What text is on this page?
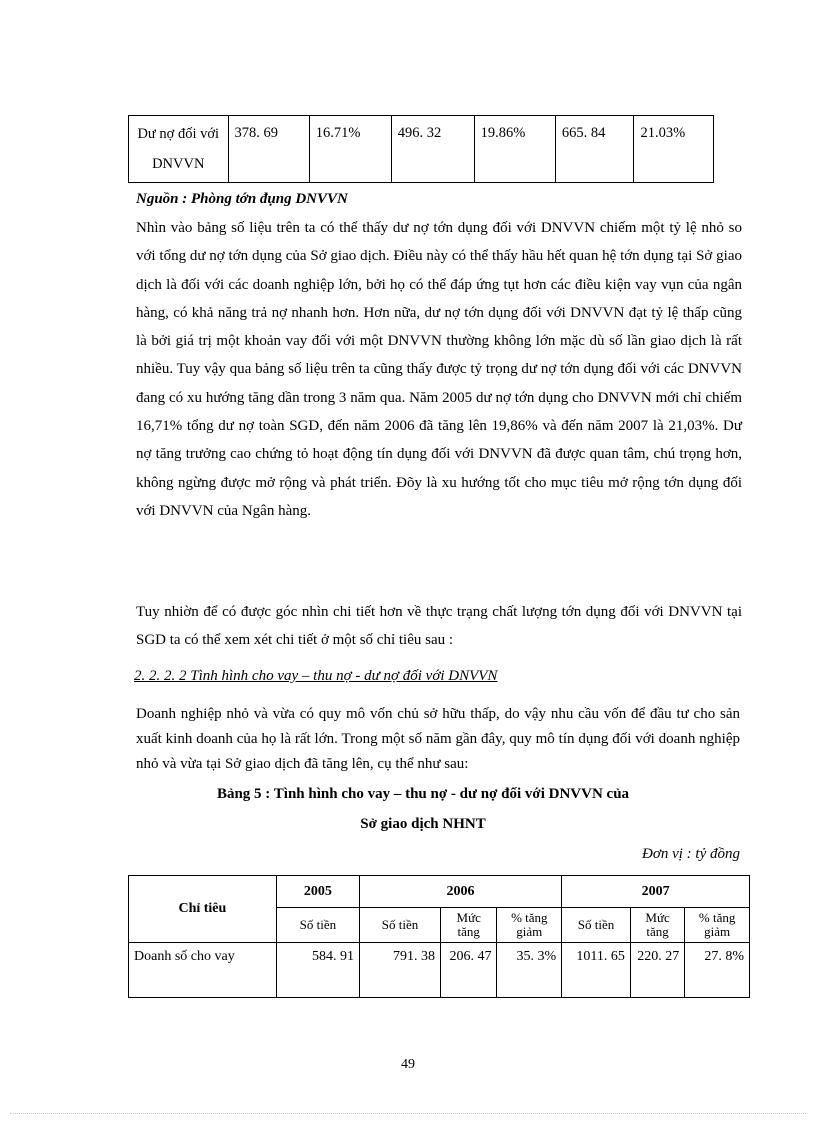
Dư nợ đối với DNVVN	378. 69	16.71%	496. 32	19.86%	665. 84	21.03%
Nguồn : Phòng tớn đụng DNVVN
Nhìn vào bảng số liệu trên ta có thể thấy dư nợ tớn dụng đối với DNVVN chiếm một tỷ lệ nhỏ so với tổng dư nợ tớn dụng của Sở giao dịch. Điều này có thể thấy hầu hết quan hệ tớn dụng tại Sở giao dịch là đối với các doanh nghiệp lớn, bởi họ có thể đáp ứng tụt hơn các điều kiện vay vụn của ngân hàng, có khả năng trả nợ nhanh hơn. Hơn nữa, dư nợ tớn dụng đối với DNVVN đạt tỷ lệ thấp cũng là bởi giá trị một khoản vay đối với một DNVVN thường không lớn mặc dù số lần giao dịch là rất nhiều. Tuy vậy qua bảng số liệu trên ta cũng thấy được tỷ trọng dư nợ tớn dụng đối với các DNVVN đang có xu hướng tăng dần trong 3 năm qua. Năm 2005 dư nợ tớn dụng cho DNVVN mới chỉ chiếm 16,71% tổng dư nợ toàn SGD, đến năm 2006 đã tăng lên 19,86% và đến năm 2007 là 21,03%. Dư nợ tăng trưởng cao chứng tỏ hoạt động tín dụng đối với DNVVN đã được quan tâm, chú trọng hơn, không ngừng được mở rộng và phát triển. Đõy là xu hướng tốt cho mục tiêu mở rộng tớn dụng đối với DNVVN của Ngân hàng.
Tuy nhiờn để có được góc nhìn chi tiết hơn về thực trạng chất lượng tớn dụng đối với DNVVN tại SGD ta có thể xem xét chi tiết ở một số chỉ tiêu sau :
2. 2. 2. 2 Tình hình cho vay – thu nợ - dư nợ đối với DNVVN
Doanh nghiệp nhỏ và vừa có quy mô vốn chủ sở hữu thấp, do vậy nhu cầu vốn để đầu tư cho sản xuất kinh doanh của họ là rất lớn. Trong một số năm gần đây, quy mô tín dụng đối với doanh nghiệp nhỏ và vừa tại Sở giao dịch đã tăng lên, cụ thể như sau:
Bảng 5 : Tình hình cho vay – thu nợ - dư nợ đối với DNVVN của
Sở giao dịch NHNT
Đơn vị : tỷ đồng
Chỉ tiêu	2005	2006			2007		
	Số tiền	Số tiền	Mức tăng	% tăng giảm	Số tiền	Mức tăng	% tăng giảm
Doanh số cho vay	584. 91	791. 38	206. 47	35. 3%	1011. 65	220. 27	27. 8%
49
